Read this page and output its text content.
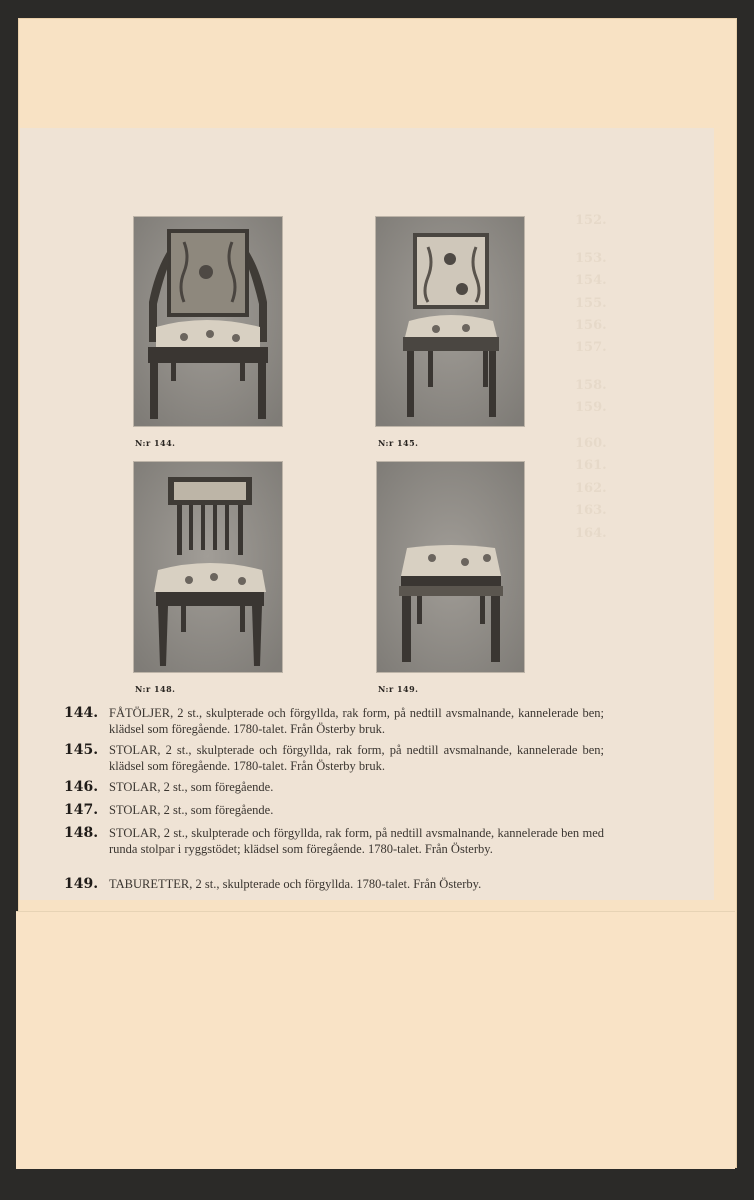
152.
153.
154.
155.
156.
157.
158.
159.
160.
161.
162.
163.
164.
N:r 144.	N:r 145.
N:r 148.	N:r 149.
144. FÅTÖLJER, 2 st., skulpterade och förgyllda, rak form, på nedtill avsmalnande, kannelerade ben; klädsel som föregående. 1780-talet. Från Österby bruk.
145. STOLAR, 2 st., skulpterade och förgyllda, rak form, på nedtill avsmalnande, kannelerade ben; klädsel som föregående. 1780-talet. Från Österby bruk.
146. STOLAR, 2 st., som föregående.
147. STOLAR, 2 st., som föregående.
148. STOLAR, 2 st., skulpterade och förgyllda, rak form, på nedtill avsmalnande, kannelerade ben med runda stolpar i ryggstödet; klädsel som föregående. 1780-talet. Från Österby.
149. TABURETTER, 2 st., skulpterade och förgyllda. 1780-talet. Från Österby.
